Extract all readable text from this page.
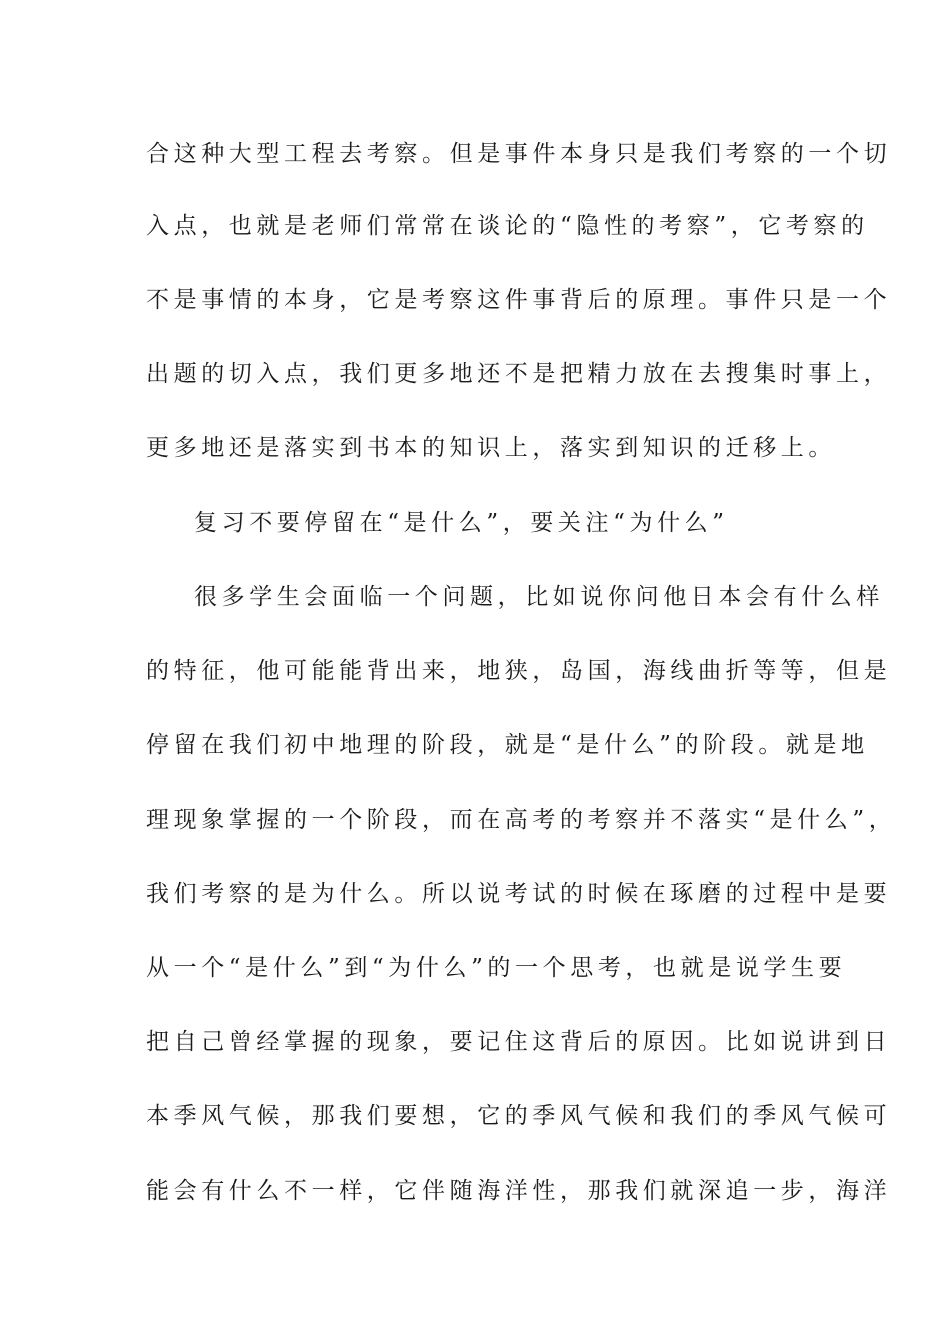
合这种大型工程去考察。但是事件本身只是我们考察的一个切
入点，也就是老师们常常在谈论的“隐性的考察”，它考察的
不是事情的本身，它是考察这件事背后的原理。事件只是一个
出题的切入点，我们更多地还不是把精力放在去搜集时事上，
更多地还是落实到书本的知识上，落实到知识的迁移上。
复习不要停留在“是什么”，要关注“为什么”
很多学生会面临一个问题，比如说你问他日本会有什么样
的特征，他可能能背出来，地狭，岛国，海线曲折等等，但是
停留在我们初中地理的阶段，就是“是什么”的阶段。就是地
理现象掌握的一个阶段，而在高考的考察并不落实“是什么”，
我们考察的是为什么。所以说考试的时候在琢磨的过程中是要
从一个“是什么”到“为什么”的一个思考，也就是说学生要
把自己曾经掌握的现象，要记住这背后的原因。比如说讲到日
本季风气候，那我们要想，它的季风气候和我们的季风气候可
能会有什么不一样，它伴随海洋性，那我们就深追一步，海洋
